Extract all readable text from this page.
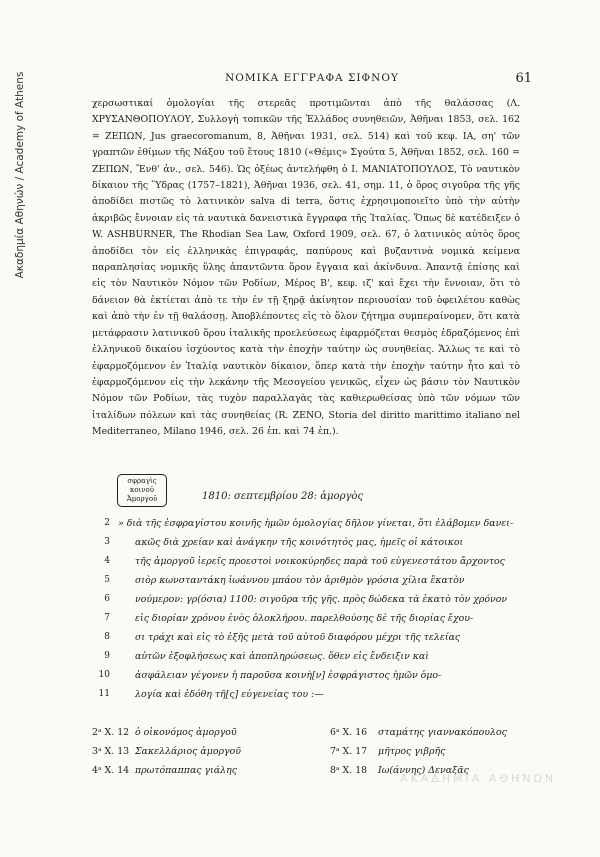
Ακαδημία Αθηνών / Academy of Athens	ΝΟΜΙΚΑ ΕΓΓΡΑΦΑ ΣΙΦΝΟΥ	61

χερσωστικαί ὁμολογίαι τῆς στερεᾶς προτιμῶνται ἀπὸ τῆς θαλάσσας (Λ. ΧΡΥΣΑΝΘΟΠΟΥΛΟΥ, Συλλογὴ τοπικῶν τῆς Ἑλλάδος συνηθειῶν, Ἀθῆναι 1853, σελ. 162 = ΖΕΠΩΝ, Jus graecoromanum, 8, Ἀθῆναι 1931, σελ. 514) καὶ τοῦ κεφ. ΙΑ, ση' τῶν γραπτῶν ἐθίμων τῆς Νάξου τοῦ ἔτους 1810 («Θέμις» Σγούτα 5, Ἀθῆναι 1852, σελ. 160 = ΖΕΠΩΝ, Ἔνθ' ἀν., σελ. 546). Ὡς ὀξέως ἀντελήφθη ὁ Ι. ΜΑΝΙΑΤΟΠΟΥΛΟΣ, Τὸ ναυτικὸν δίκαιον τῆς Ὕδρας (1757–1821), Ἀθῆναι 1936, σελ. 41, σημ. 11, ὁ ὅρος σιγοῦρα τῆς γῆς ἀποδίδει πιστῶς τὸ λατινικὸν salva di terra, ὅστις ἐχρησιμοποιεῖτο ὑπὸ τὴν αὐτὴν ἀκριβῶς ἔννοιαν εἰς τὰ ναυτικὰ δανειστικὰ ἔγγραφα τῆς Ἰταλίας. Ὅπως δὲ κατέδειξεν ὁ W. ASHBURNER, The Rhodian Sea Law, Oxford 1909, σελ. 67, ὁ λατινικὸς αὐτὸς ὅρος ἀποδίδει τὸν εἰς ἑλληνικὰς ἐπιγραφάς, παπύρους καὶ βυζαντινὰ νομικὰ κείμενα παραπλησίας νομικῆς ὕλης ἀπαντῶντα ὅρον ἔγγαια καὶ ἀκίνδυνα. Ἀπαντᾷ ἐπίσης καὶ εἰς τὸν Ναυτικὸν Νόμον τῶν Ροδίων, Μέρος Β', κεφ. ιζ' καὶ ἔχει τὴν ἔννοιαν, ὅτι τὸ δάνειον θὰ ἐκτίεται ἀπὸ τε τὴν ἐν τῇ ξηρᾷ ἀκίνητον περιουσίαν τοῦ ὀφειλέτου καθὼς καὶ ἀπὸ τὴν ἐν τῇ θαλάσσῃ. Ἀποβλέποντες εἰς τὸ ὅλον ζήτημα συμπεραίνομεν, ὅτι κατὰ μετάφρασιν λατινικοῦ ὅρου ἰταλικῆς προελεύσεως ἐφαρμόζεται θεσμὸς ἑδραζόμενος ἐπὶ ἑλληνικοῦ δικαίου ἰσχύοντος κατὰ τὴν ἐποχὴν ταύτην ὡς συνηθείας. Ἄλλως τε καὶ τὸ ἐφαρμοζόμενον ἐν Ἰταλίᾳ ναυτικὸν δίκαιον, ὅπερ κατὰ τὴν ἐποχὴν ταύτην ἦτο καὶ τὸ ἐφαρμοζόμενον εἰς τὴν λεκάνην τῆς Μεσογείου γενικῶς, εἶχεν ὡς βάσιν τὸν Ναυτικὸν Νόμον τῶν Ροδίων, τὰς τυχὸν παραλλαγὰς τὰς καθιερωθείσας ὑπὸ τῶν νόμων τῶν ἰταλίδων πόλεων καὶ τὰς συνηθείας (R. ZENO, Storia del diritto marittimo italiano nel Mediterraneo, Milano 1946, σελ. 26 ἑπ. καὶ 74 ἑπ.).

σφραγὶς
κοινοῦ
Ἀμοργοῦ	1810: σεπτεμβρίου 28: ἀμοργὸς
2 » διὰ τῆς ἐσφραγίστου κοινῆς ἡμῶν ὁμολογίας δῆλον γίνεται, ὅτι ἐλάβομεν δανει-
3	ακῶς διὰ χρείαν καὶ ἀνάγκην τῆς κοινότητός μας, ἡμεῖς οἱ κάτοικοι
4	τῆς ἀμοργοῦ ἱερεῖς προεστοὶ νοικοκύρηδες παρὰ τοῦ εὐγενεστάτου ἄρχοντος
5	σιὸρ κωνσταντάκη ἰωάννου μπάου τὸν ἀριθμὸν γρόσια χίλια ἕκατὸν
6	νούμερον: γρ(όσια) 1100: σιγοῦρα τῆς γῆς. πρὸς δώδεκα τὰ ἑκατὸ τὸν χρόνον
7	εἰς διορίαν χρόνου ἑνὸς ὁλοκλήρου. παρελθούσης δὲ τῆς διορίας ἔχου-
8	σι τράχι καὶ εἰς τὸ ἐξῆς μετὰ τοῦ αὐτοῦ διαφόρου μέχρι τῆς τελείας
9	αὐτῶν ἐξοφλήσεως καὶ ἀποπληρώσεως. ὅθεν εἰς ἔνδειξιν καὶ
10	ἀσφάλειαν γέγονεν ἡ παροῦσα κοινὴ[ν] ἐσφράγιστος ἡμῶν ὁμο-
11	λογία καὶ ἐδόθη τῆ[ς] εὐγενείας του :—
2ᵃ Χ. 12 ὁ οἰκονόμος ἀμοργοῦ	6ᵃ Χ. 16 σταμάτης γιαννακόπουλος
3ᵃ Χ. 13 Σακελλάριος ἀμοργοῦ	7ᵃ Χ. 17 μῆτρος γιβρῆς
4ᵃ Χ. 14 πρωτόπαππας γιάλης	8ᵃ Χ. 18 Ιω(άννης) Δεναξᾶς
ΑΚΑΔΗΜΙΑ ΑΘΗΝΩΝ
